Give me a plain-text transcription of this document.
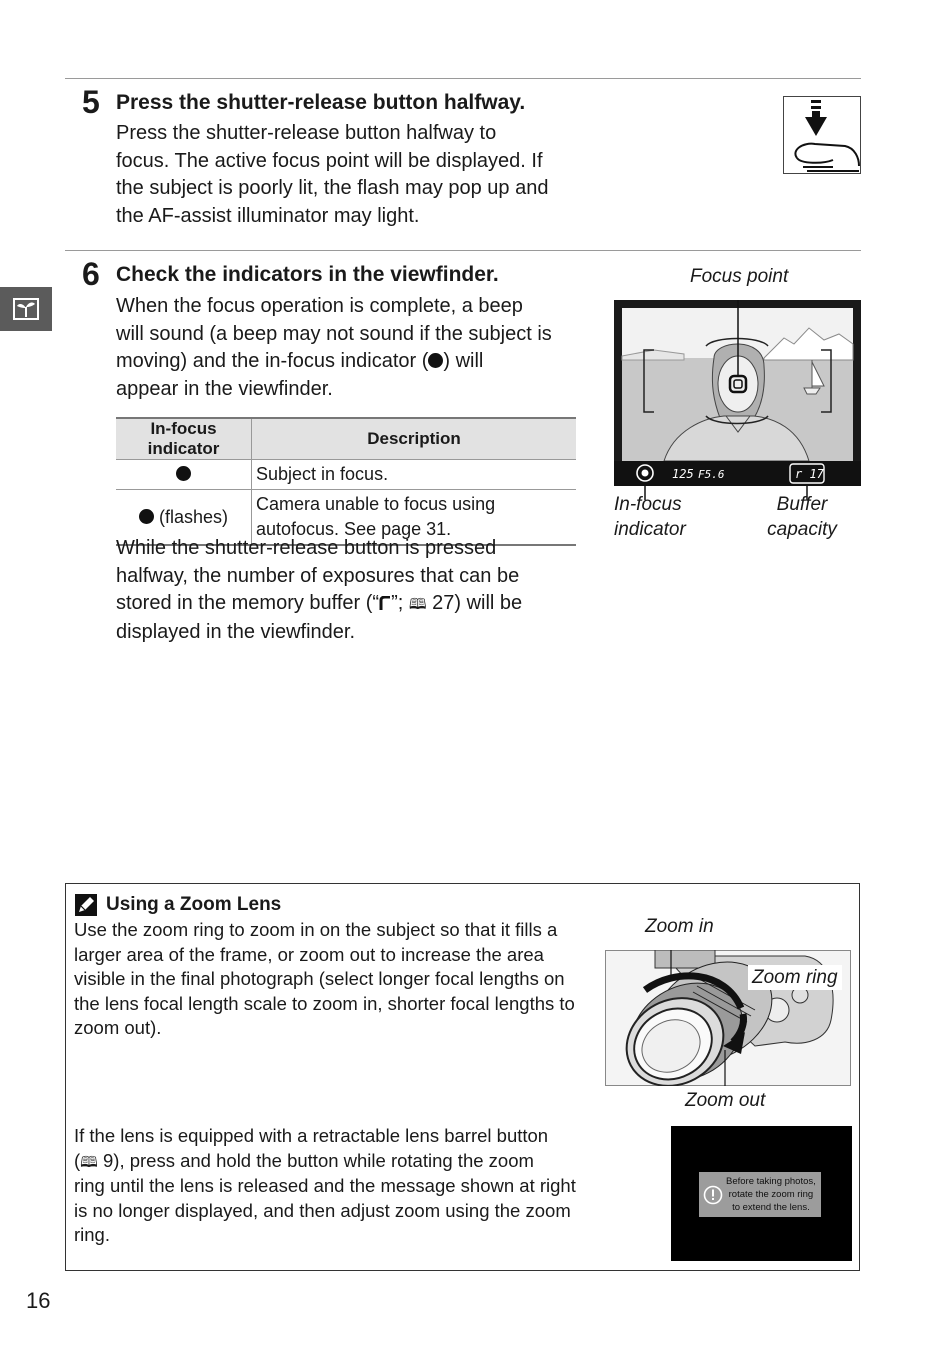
5 Press the shutter-release button halfway.

Press the shutter-release button halfway to

focus. The active focus point will be displayed. If

the subject is poorly lit, the flash may pop up and

the AF-assist illuminator may light.

6 Check the indicators in the viewfinder.

When the focus operation is complete, a beep

will sound (a beep may not sound if the subject is

moving) and the in-focus indicator ( ) will

appear in the viewfinder.

In-focus indicator	Description
	Subject in focus.
(flashes)	Camera unable to focus using
autofocus. See page 31.

While the shutter-release button is pressed

halfway, the number of exposures that can be

stored in the memory buffer (“ ”; 🕮 27) will be

displayed in the viewfinder.

Focus point
125 F5.6	r 17
In-focus
indicator
Buffer
capacity
Using a Zoom Lens

Use the zoom ring to zoom in on the subject so that it fills a

larger area of the frame, or zoom out to increase the area

visible in the final photograph (select longer focal lengths on

the lens focal length scale to zoom in, shorter focal lengths to

zoom out).

If the lens is equipped with a retractable lens barrel button

(🕮 9), press and hold the button while rotating the zoom

ring until the lens is released and the message shown at right

is no longer displayed, and then adjust zoom using the zoom

ring.

Zoom in
Zoom ring
Zoom out
Before taking photos,
rotate the zoom ring
to extend the lens.
16
